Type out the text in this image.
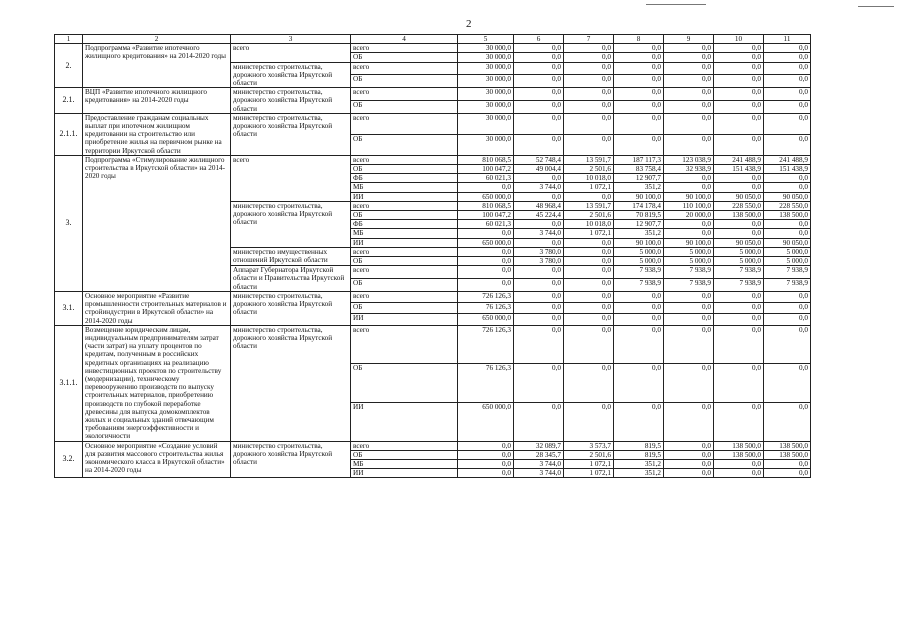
2
1	2	3	4	5	6	7	8	9	10	11
2.	Подпрограмма «Развитие ипотечного жилищного кредитования» на 2014-2020 годы	всего	всего	30 000,0	0,0	0,0	0,0	0,0	0,0	0,0
			ОБ	30 000,0	0,0	0,0	0,0	0,0	0,0	0,0
		министерство строительства, дорожного хозяйства Иркутской области	всего	30 000,0	0,0	0,0	0,0	0,0	0,0	0,0
			ОБ	30 000,0	0,0	0,0	0,0	0,0	0,0	0,0
2.1.	ВЦП «Развитие ипотечного жилищного кредитования» на 2014-2020 годы	министерство строительства, дорожного хозяйства Иркутской области	всего	30 000,0	0,0	0,0	0,0	0,0	0,0	0,0
			ОБ	30 000,0	0,0	0,0	0,0	0,0	0,0	0,0
2.1.1.	Предоставление гражданам социальных выплат при ипотечном жилищном кредитовании на строительство или приобретение жилья на первичном рынке на территории Иркутской области	министерство строительства, дорожного хозяйства Иркутской области	всего	30 000,0	0,0	0,0	0,0	0,0	0,0	0,0
			ОБ	30 000,0	0,0	0,0	0,0	0,0	0,0	0,0
3.	Подпрограмма «Стимулирование жилищного строительства в Иркутской области» на 2014-2020 годы	всего	всего	810 068,5	52 748,4	13 591,7	187 117,3	123 038,9	241 488,9	241 488,9
			ОБ	100 047,2	49 004,4	2 501,6	83 758,4	32 938,9	151 438,9	151 438,9
			ФБ	60 021,3	0,0	10 018,0	12 907,7	0,0	0,0	0,0
			МБ	0,0	3 744,0	1 072,1	351,2	0,0	0,0	0,0
			ИИ	650 000,0	0,0	0,0	90 100,0	90 100,0	90 050,0	90 050,0
		министерство строительства, дорожного хозяйства Иркутской области	всего	810 068,5	48 968,4	13 591,7	174 178,4	110 100,0	228 550,0	228 550,0
			ОБ	100 047,2	45 224,4	2 501,6	70 819,5	20 000,0	138 500,0	138 500,0
			ФБ	60 021,3	0,0	10 018,0	12 907,7	0,0	0,0	0,0
			МБ	0,0	3 744,0	1 072,1	351,2	0,0	0,0	0,0
			ИИ	650 000,0	0,0	0,0	90 100,0	90 100,0	90 050,0	90 050,0
		министерство имущественных отношений Иркутской области	всего	0,0	3 780,0	0,0	5 000,0	5 000,0	5 000,0	5 000,0
			ОБ	0,0	3 780,0	0,0	5 000,0	5 000,0	5 000,0	5 000,0
		Аппарат Губернатора Иркутской области и Правительства Иркутской области	всего	0,0	0,0	0,0	7 938,9	7 938,9	7 938,9	7 938,9
			ОБ	0,0	0,0	0,0	7 938,9	7 938,9	7 938,9	7 938,9
3.1.	Основное мероприятие «Развитие промышленности строительных материалов и стройиндустрии в Иркутской области» на 2014-2020 годы	министерство строительства, дорожного хозяйства Иркутской области	всего	726 126,3	0,0	0,0	0,0	0,0	0,0	0,0
			ОБ	76 126,3	0,0	0,0	0,0	0,0	0,0	0,0
			ИИ	650 000,0	0,0	0,0	0,0	0,0	0,0	0,0
3.1.1.	Возмещение юридическим лицам, индивидуальным предпринимателям затрат (части затрат) на уплату процентов по кредитам, полученным в российских кредитных организациях на реализацию инвестиционных проектов по строительству (модернизации), техническому перевооружению производств по выпуску строительных материалов, приобретению производств по глубокой переработке древесины для выпуска домокомплектов жилых и социальных зданий отвечающим требованиям энергоэффективности и экологичности	министерство строительства, дорожного хозяйства Иркутской области	всего	726 126,3	0,0	0,0	0,0	0,0	0,0	0,0
			ОБ	76 126,3	0,0	0,0	0,0	0,0	0,0	0,0
			ИИ	650 000,0	0,0	0,0	0,0	0,0	0,0	0,0
3.2.	Основное мероприятие «Создание условий для развития массового строительства жилья экономического класса в Иркутской области» на 2014-2020 годы	министерство строительства, дорожного хозяйства Иркутской области	всего	0,0	32 089,7	3 573,7	819,5	0,0	138 500,0	138 500,0
			ОБ	0,0	28 345,7	2 501,6	819,5	0,0	138 500,0	138 500,0
			МБ	0,0	3 744,0	1 072,1	351,2	0,0	0,0	0,0
			ИИ	0,0	3 744,0	1 072,1	351,2	0,0	0,0	0,0
